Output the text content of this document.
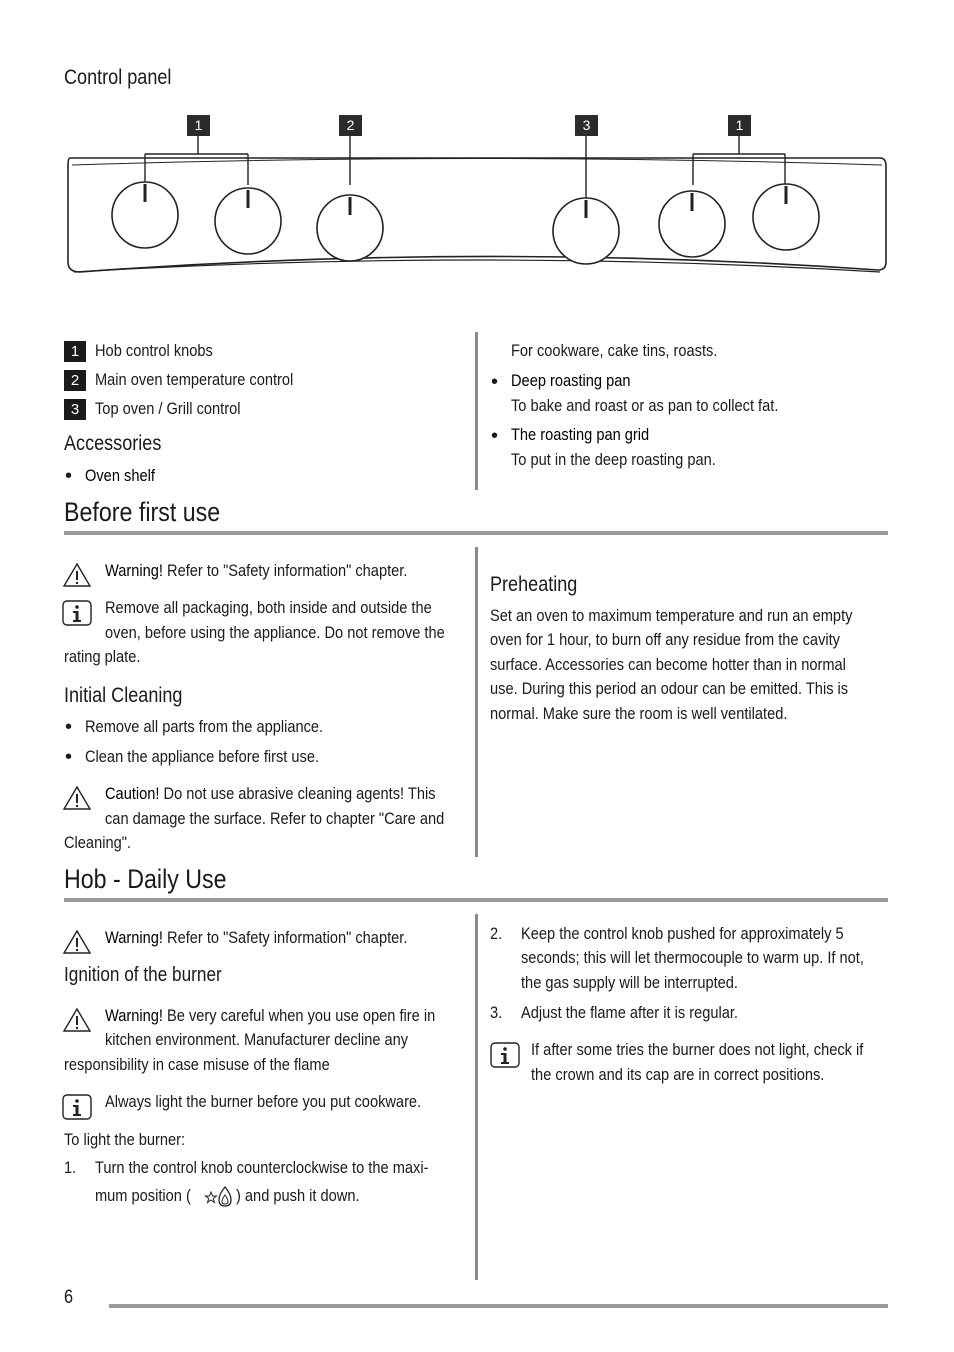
Control panel
1	2	3	1
1 Hob control knobs
2 Main oven temperature control
3 Top oven / Grill control
Accessories
• Oven shelf
For cookware, cake tins, roasts.
• Deep roasting pan
To bake and roast or as pan to collect fat.
• The roasting pan grid
To put in the deep roasting pan.
Before first use
Warning! Refer to "Safety information" chapter.
Remove all packaging, both inside and outside the
oven, before using the appliance. Do not remove the
rating plate.
Initial Cleaning
• Remove all parts from the appliance.
• Clean the appliance before first use.
Caution! Do not use abrasive cleaning agents! This
can damage the surface. Refer to chapter "Care and
Cleaning".
Preheating
Set an oven to maximum temperature and run an empty
oven for 1 hour, to burn off any residue from the cavity
surface. Accessories can become hotter than in normal
use. During this period an odour can be emitted. This is
normal. Make sure the room is well ventilated.
Hob - Daily Use
Warning! Refer to "Safety information" chapter.
Ignition of the burner
Warning! Be very careful when you use open fire in
kitchen environment. Manufacturer decline any
responsibility in case misuse of the flame
Always light the burner before you put cookware.
To light the burner:
1. Turn the control knob counterclockwise to the maxi-
mum position (	) and push it down.
2. Keep the control knob pushed for approximately 5
seconds; this will let thermocouple to warm up. If not,
the gas supply will be interrupted.
3. Adjust the flame after it is regular.
If after some tries the burner does not light, check if
the crown and its cap are in correct positions.
6
